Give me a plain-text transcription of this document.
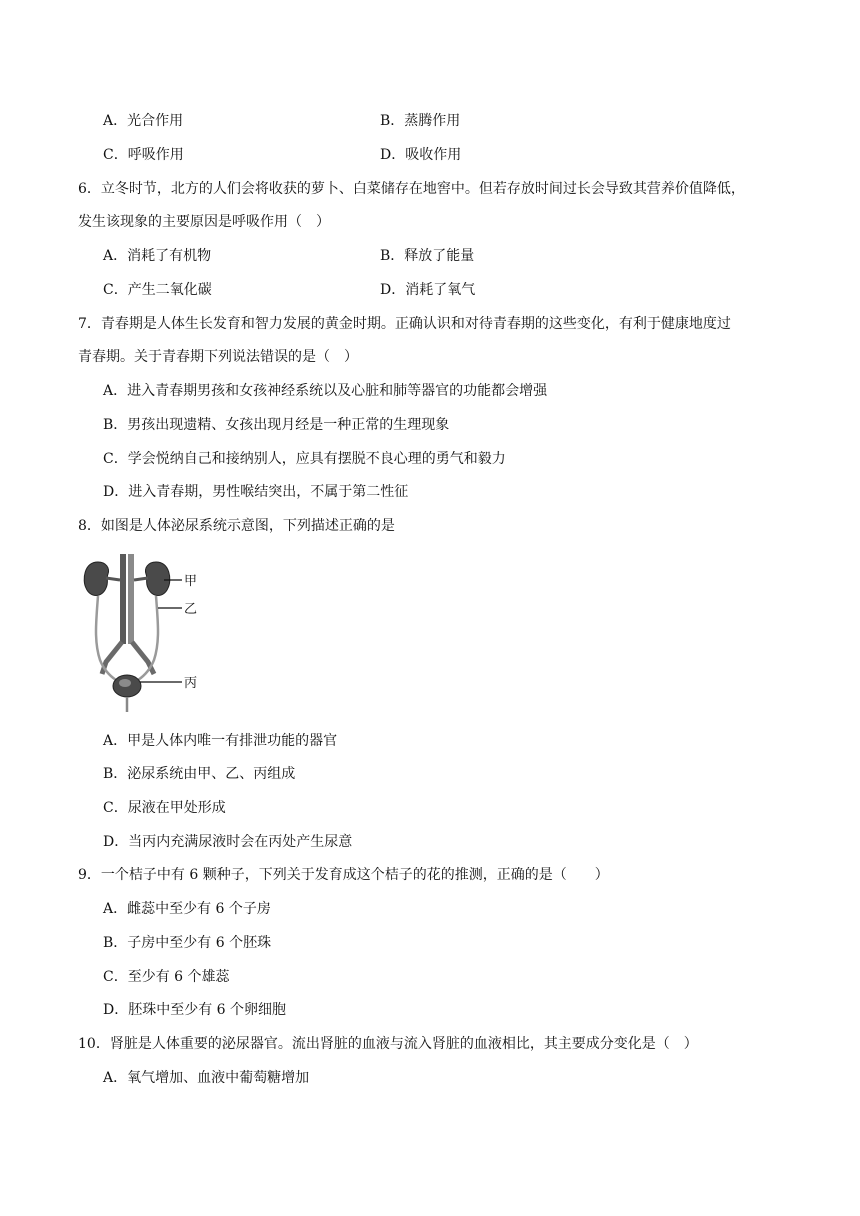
A．光合作用	B．蒸腾作用
C．呼吸作用	D．吸收作用
6．立冬时节，北方的人们会将收获的萝卜、白菜储存在地窖中。但若存放时间过长会导致其营养价值降低，
发生该现象的主要原因是呼吸作用（　）
A．消耗了有机物	B．释放了能量
C．产生二氧化碳	D．消耗了氧气
7．青春期是人体生长发育和智力发展的黄金时期。正确认识和对待青春期的这些变化，有利于健康地度过
青春期。关于青春期下列说法错误的是（　）
A．进入青春期男孩和女孩神经系统以及心脏和肺等器官的功能都会增强
B．男孩出现遗精、女孩出现月经是一种正常的生理现象
C．学会悦纳自己和接纳别人，应具有摆脱不良心理的勇气和毅力
D．进入青春期，男性喉结突出，不属于第二性征
8．如图是人体泌尿系统示意图，下列描述正确的是
甲
乙
丙
A．甲是人体内唯一有排泄功能的器官
B．泌尿系统由甲、乙、丙组成
C．尿液在甲处形成
D．当丙内充满尿液时会在丙处产生尿意
9．一个桔子中有 6 颗种子，下列关于发育成这个桔子的花的推测，正确的是（　　）
A．雌蕊中至少有 6 个子房
B．子房中至少有 6 个胚珠
C．至少有 6 个雄蕊
D．胚珠中至少有 6 个卵细胞
10．肾脏是人体重要的泌尿器官。流出肾脏的血液与流入肾脏的血液相比，其主要成分变化是（　）
A．氧气增加、血液中葡萄糖增加
